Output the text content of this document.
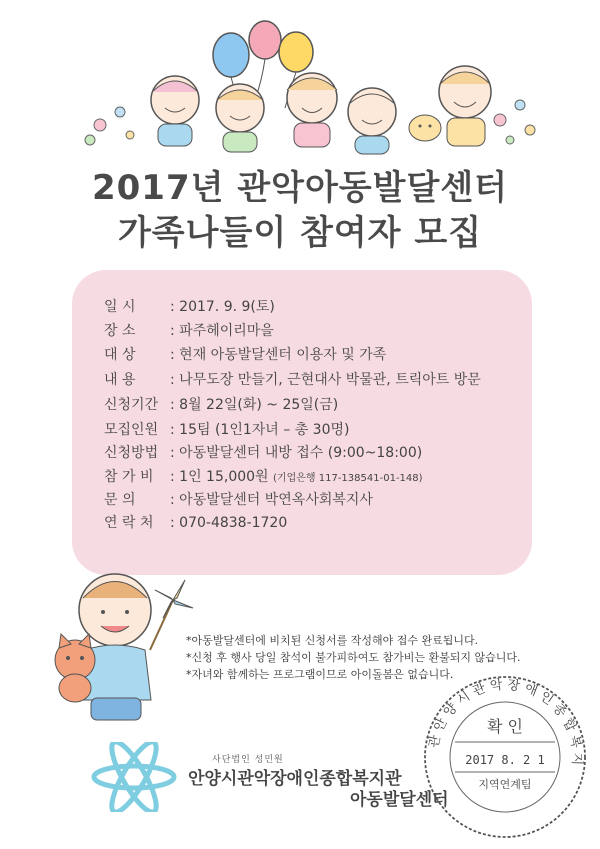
2017년 관악아동발달센터
가족나들이 참여자 모집
일 시 : 2017. 9. 9(토)
장 소 : 파주헤이리마을
대 상 : 현재 아동발달센터 이용자 및 가족
내 용 : 나무도장 만들기, 근현대사 박물관, 트릭아트 방문
신청기간 : 8월 22일(화) ~ 25일(금)
모집인원 : 15팀 (1인1자녀 – 총 30명)
신청방법 : 아동발달센터 내방 접수 (9:00~18:00)
참 가 비 : 1인 15,000원 (기업은행 117-138541-01-148)
문 의 : 아동발달센터 박연옥사회복지사
연 락 처 : 070-4838-1720
*아동발달센터에 비치된 신청서를 작성해야 접수 완료됩니다.
*신청 후 행사 당일 참석이 불가피하여도 참가비는 환불되지 않습니다.
*자녀와 함께하는 프로그램이므로 아이돌봄은 없습니다.
사단법인 성민원
안양시관악장애인종합복지관
아동발달센터
관 안 양 시 관 악 장 애 인 종 합 복 지
확 인
2017 8. 2 1
지역연계팀
